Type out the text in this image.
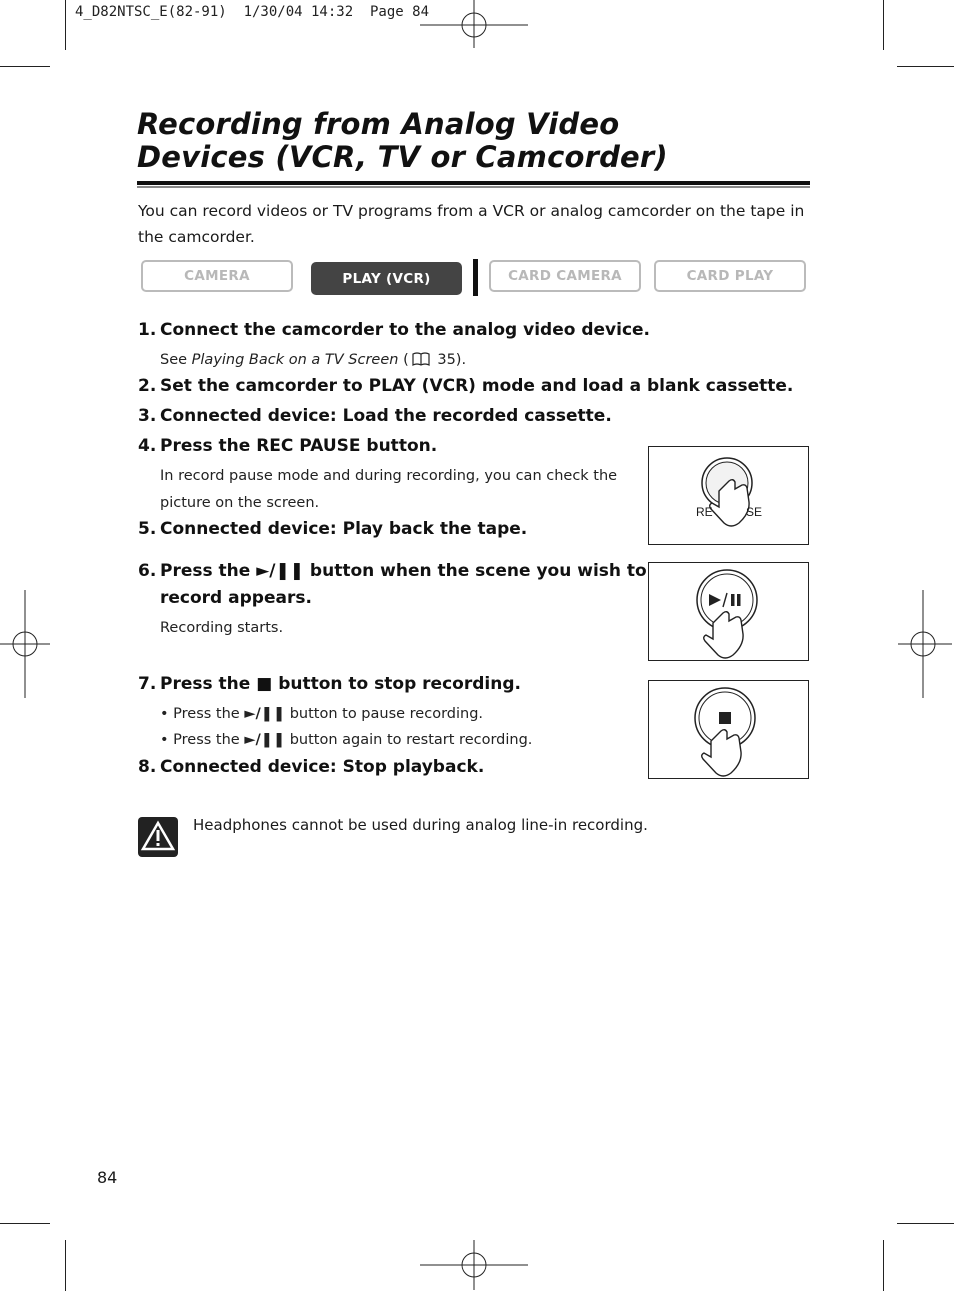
4_D82NTSC_E(82-91)  1/30/04 14:32  Page 84
Recording from Analog Video
Devices (VCR, TV or Camcorder)
You can record videos or TV programs from a VCR or analog camcorder on the tape in the camcorder.
CAMERA	PLAY (VCR)	CARD CAMERA	CARD PLAY
1. Connect the camcorder to the analog video device.
See Playing Back on a TV Screen ( 35).
2. Set the camcorder to PLAY (VCR) mode and load a blank cassette.
3. Connected device: Load the recorded cassette.
4. Press the REC PAUSE button.
In record pause mode and during recording, you can check the
picture on the screen.
5. Connected device: Play back the tape.
6. Press the ►/❚❚ button when the scene you wish to
record appears.
Recording starts.
7. Press the ■ button to stop recording.
• Press the ►/❚❚ button to pause recording.
• Press the ►/❚❚ button again to restart recording.
8. Connected device: Stop playback.
RE	SE
Headphones cannot be used during analog line-in recording.
84
